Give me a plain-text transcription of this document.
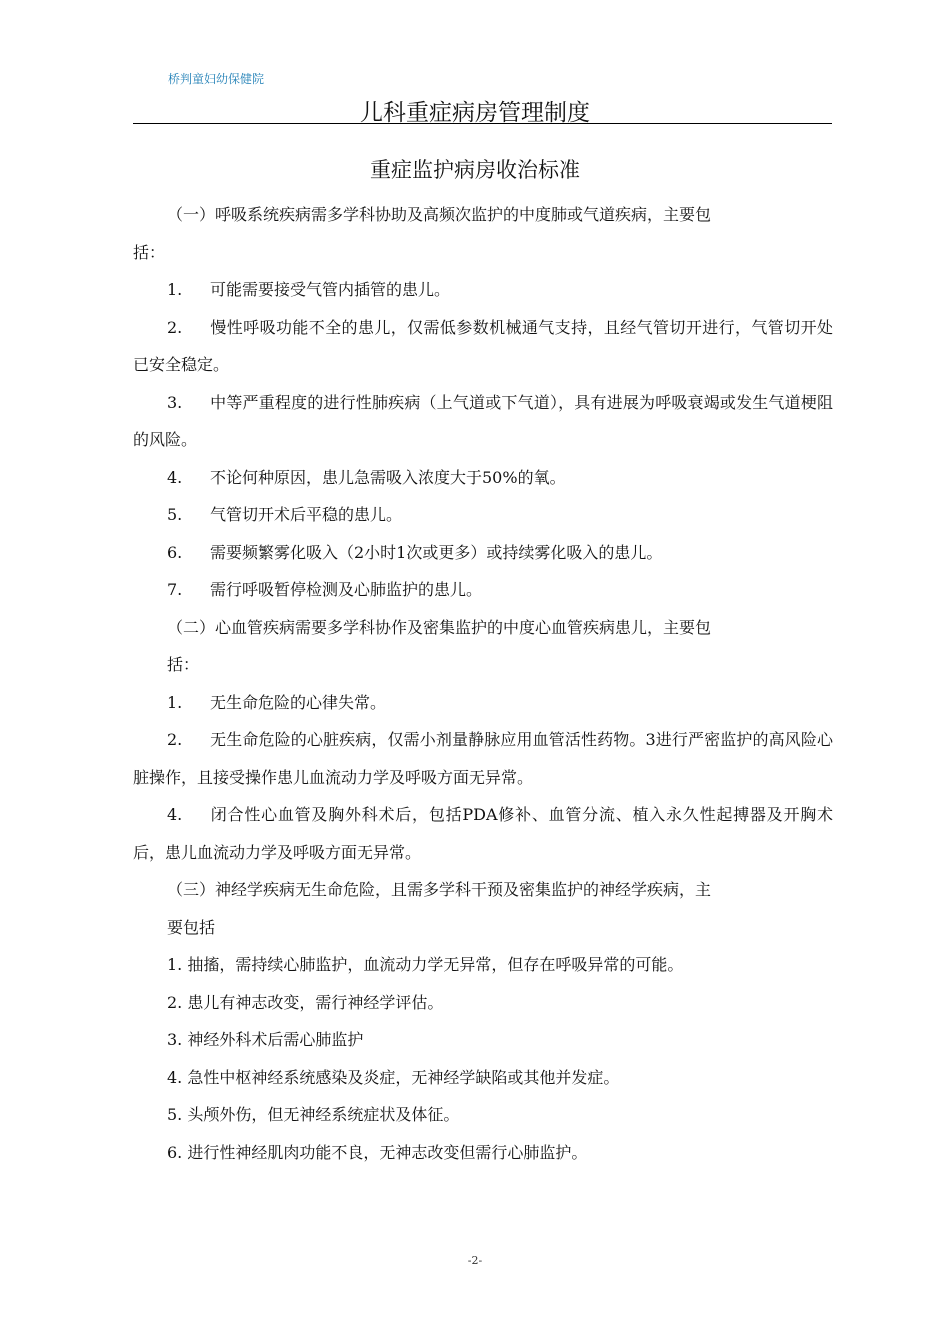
桥判童妇幼保健院
儿科重症病房管理制度
重症监护病房收治标准
（一）呼吸系统疾病需多学科协助及高频次监护的中度肺或气道疾病，主要包
括：
1. 可能需要接受气管内插管的患儿。
2. 慢性呼吸功能不全的患儿，仅需低参数机械通气支持，且经气管切开进行，气管切开处已安全稳定。
3. 中等严重程度的进行性肺疾病（上气道或下气道），具有进展为呼吸衰竭或发生气道梗阻的风险。
4. 不论何种原因，患儿急需吸入浓度大于50%的氧。
5. 气管切开术后平稳的患儿。
6. 需要频繁雾化吸入（2小时1次或更多）或持续雾化吸入的患儿。
7. 需行呼吸暂停检测及心肺监护的患儿。
（二）心血管疾病需要多学科协作及密集监护的中度心血管疾病患儿，主要包
括：
1. 无生命危险的心律失常。
2. 无生命危险的心脏疾病，仅需小剂量静脉应用血管活性药物。3进行严密监护的高风险心脏操作，且接受操作患儿血流动力学及呼吸方面无异常。
4. 闭合性心血管及胸外科术后，包括PDA修补、血管分流、植入永久性起搏器及开胸术后，患儿血流动力学及呼吸方面无异常。
（三）神经学疾病无生命危险，且需多学科干预及密集监护的神经学疾病，主
要包括
1. 抽搐，需持续心肺监护，血流动力学无异常，但存在呼吸异常的可能。
2. 患儿有神志改变，需行神经学评估。
3. 神经外科术后需心肺监护
4. 急性中枢神经系统感染及炎症，无神经学缺陷或其他并发症。
5. 头颅外伤，但无神经系统症状及体征。
6. 进行性神经肌肉功能不良，无神志改变但需行心肺监护。
-2-
